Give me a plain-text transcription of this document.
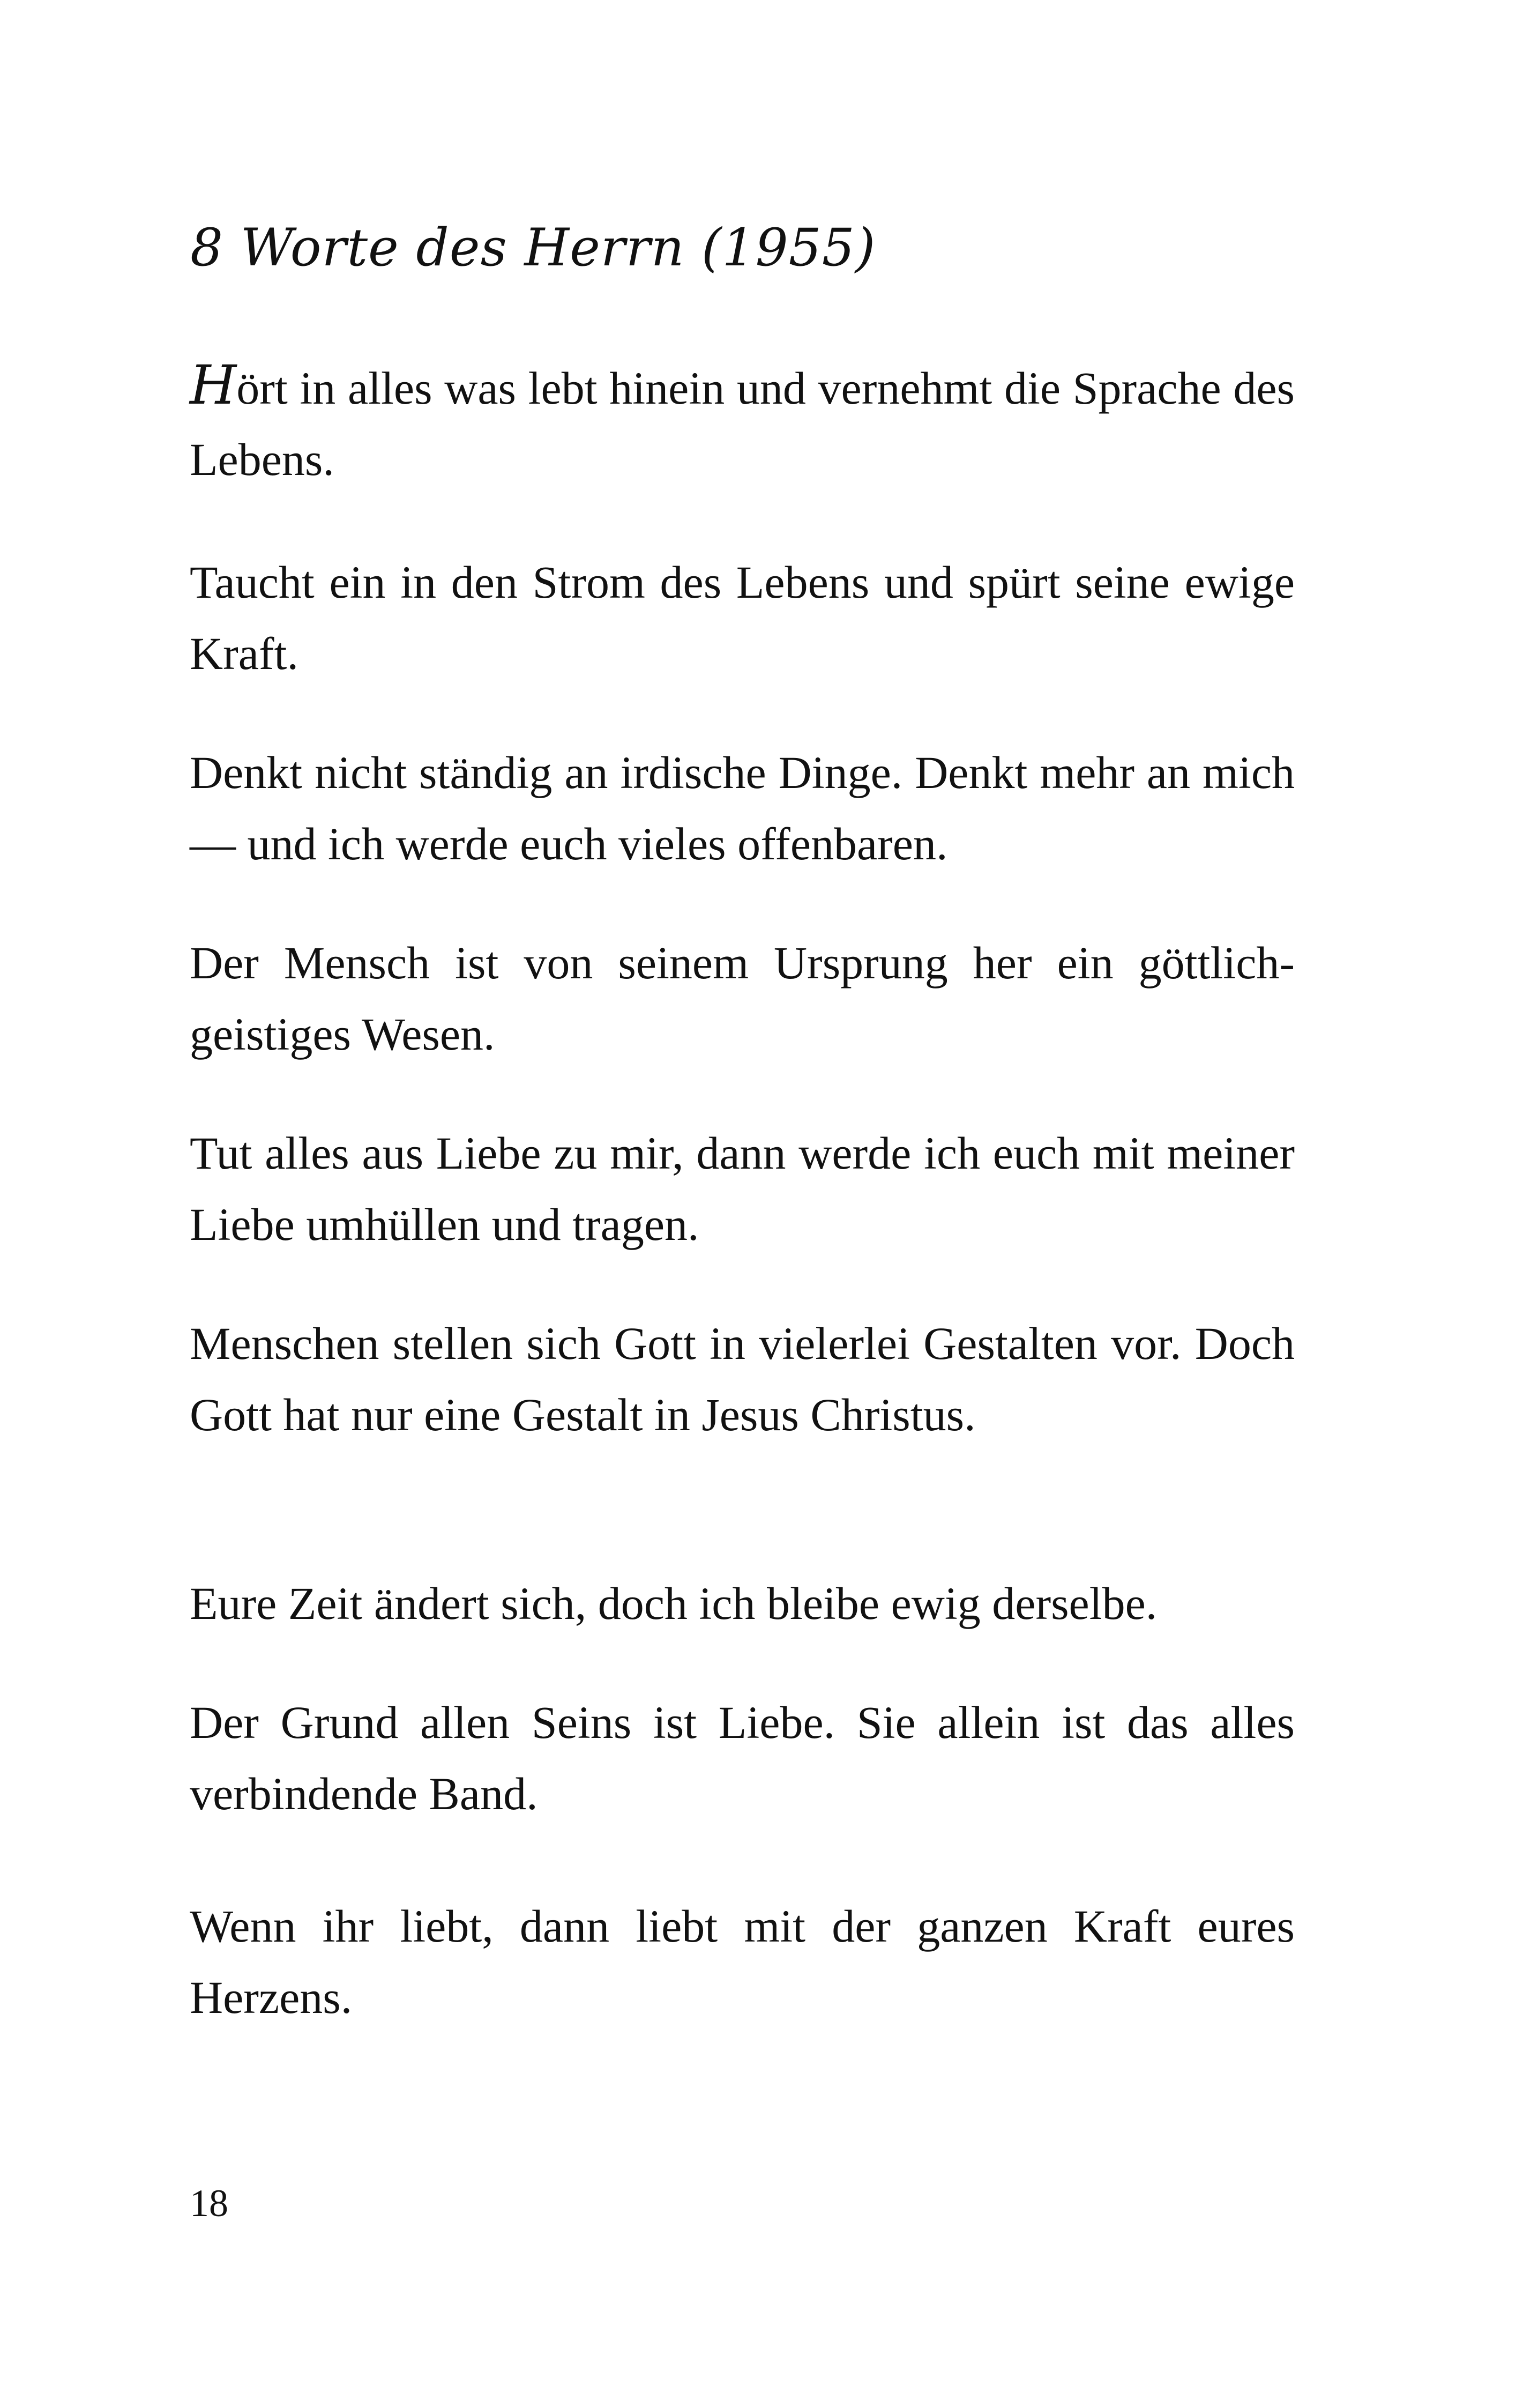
8 Worte des Herrn (1955)

Hört in alles was lebt hinein und vernehmt die Sprache des Lebens.

Taucht ein in den Strom des Lebens und spürt seine ewige Kraft.

Denkt nicht ständig an irdische Dinge. Denkt mehr an mich — und ich werde euch vieles offenbaren.

Der Mensch ist von seinem Ursprung her ein göttlich-geistiges Wesen.

Tut alles aus Liebe zu mir, dann werde ich euch mit meiner Liebe umhüllen und tragen.

Menschen stellen sich Gott in vielerlei Gestalten vor. Doch Gott hat nur eine Gestalt in Jesus Christus.

Eure Zeit ändert sich, doch ich bleibe ewig derselbe.

Der Grund allen Seins ist Liebe. Sie allein ist das alles verbindende Band.

Wenn ihr liebt, dann liebt mit der ganzen Kraft eures Herzens.

18
